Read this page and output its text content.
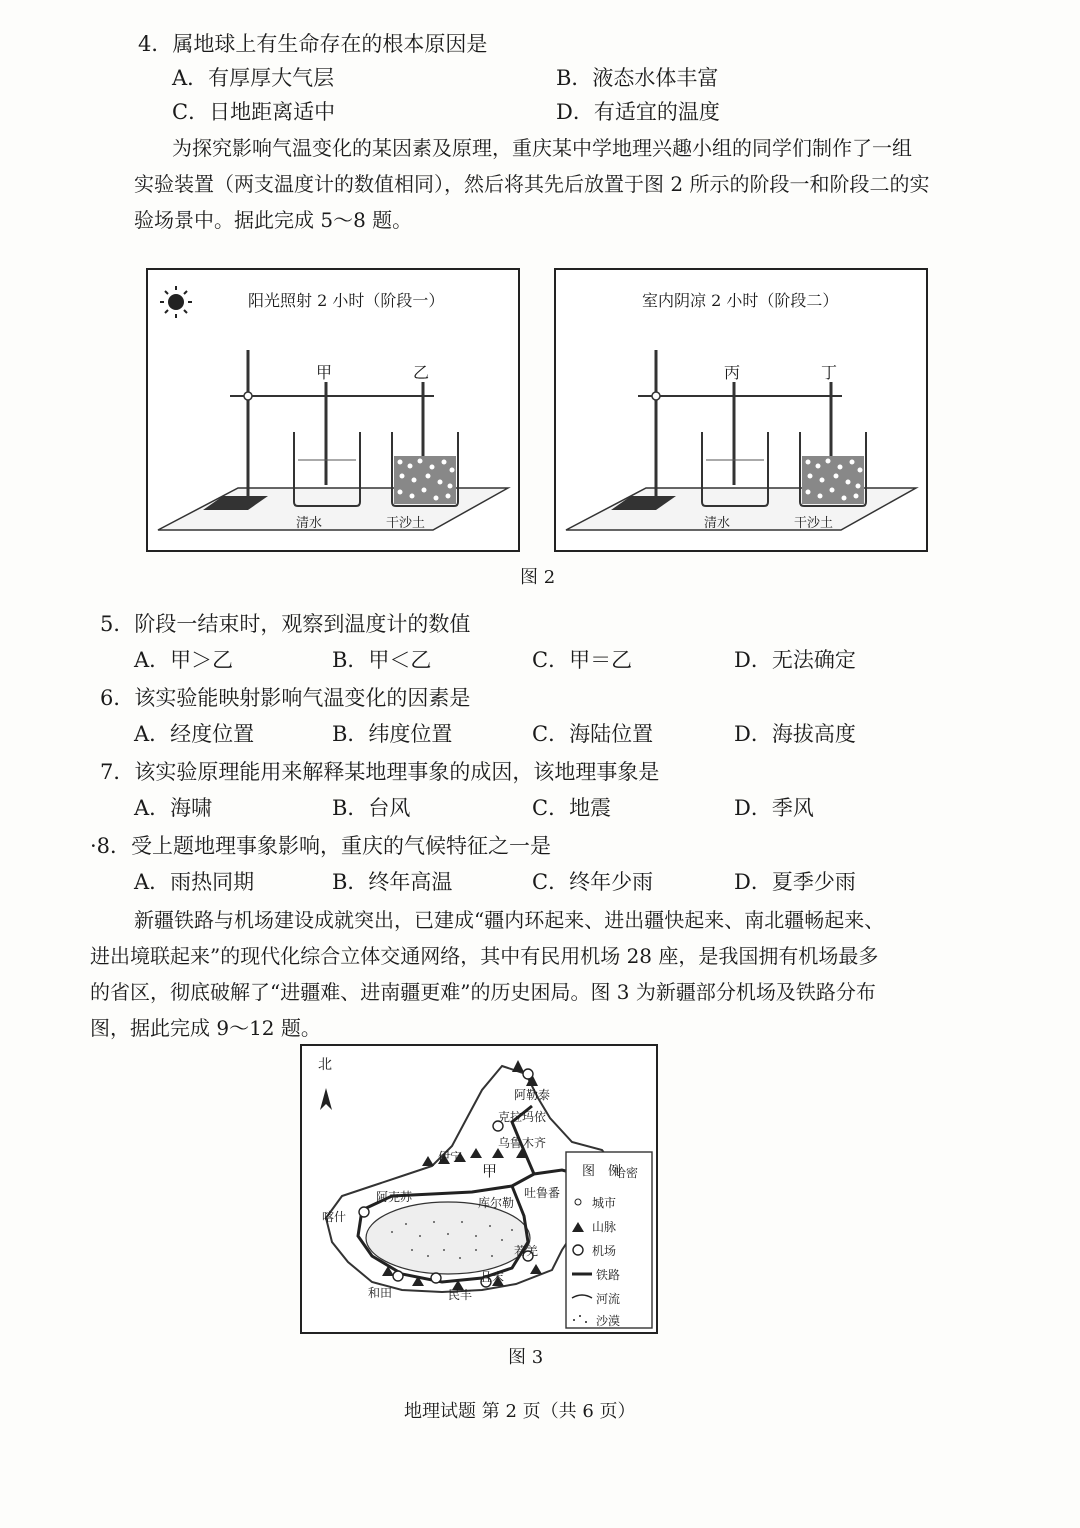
4．属地球上有生命存在的根本原因是
A．有厚厚大气层	B．液态水体丰富
C．日地距离适中	D．有适宜的温度
为探究影响气温变化的某因素及原理，重庆某中学地理兴趣小组的同学们制作了一组
实验装置（两支温度计的数值相同），然后将其先后放置于图 2 所示的阶段一和阶段二的实
验场景中。据此完成 5～8 题。
阳光照射 2 小时（阶段一）
甲	乙
清水	干沙土
室内阴凉 2 小时（阶段二）
丙	丁
清水	干沙土
图 2
5．阶段一结束时，观察到温度计的数值
A．甲＞乙	B．甲＜乙	C．甲＝乙	D．无法确定
6．该实验能映射影响气温变化的因素是
A．经度位置	B．纬度位置	C．海陆位置	D．海拔高度
7．该实验原理能用来解释某地理事象的成因，该地理事象是
A．海啸	B．台风	C．地震	D．季风
·8．受上题地理事象影响，重庆的气候特征之一是
A．雨热同期	B．终年高温	C．终年少雨	D．夏季少雨
新疆铁路与机场建设成就突出，已建成“疆内环起来、进出疆快起来、南北疆畅起来、
进出境联起来”的现代化综合立体交通网络，其中有民用机场 28 座，是我国拥有机场最多
的省区，彻底破解了“进疆难、进南疆更难”的历史困局。图 3 为新疆部分机场及铁路分布
图，据此完成 9～12 题。
北
阿勒泰
克拉玛依
乌鲁木齐
伊宁
甲
吐鲁番
哈密
库尔勒
阿克苏
喀什
和田	民丰
且末
若羌
图　例
城市
山脉
机场
铁路
河流
沙漠
图 3
地理试题 第 2 页（共 6 页）
